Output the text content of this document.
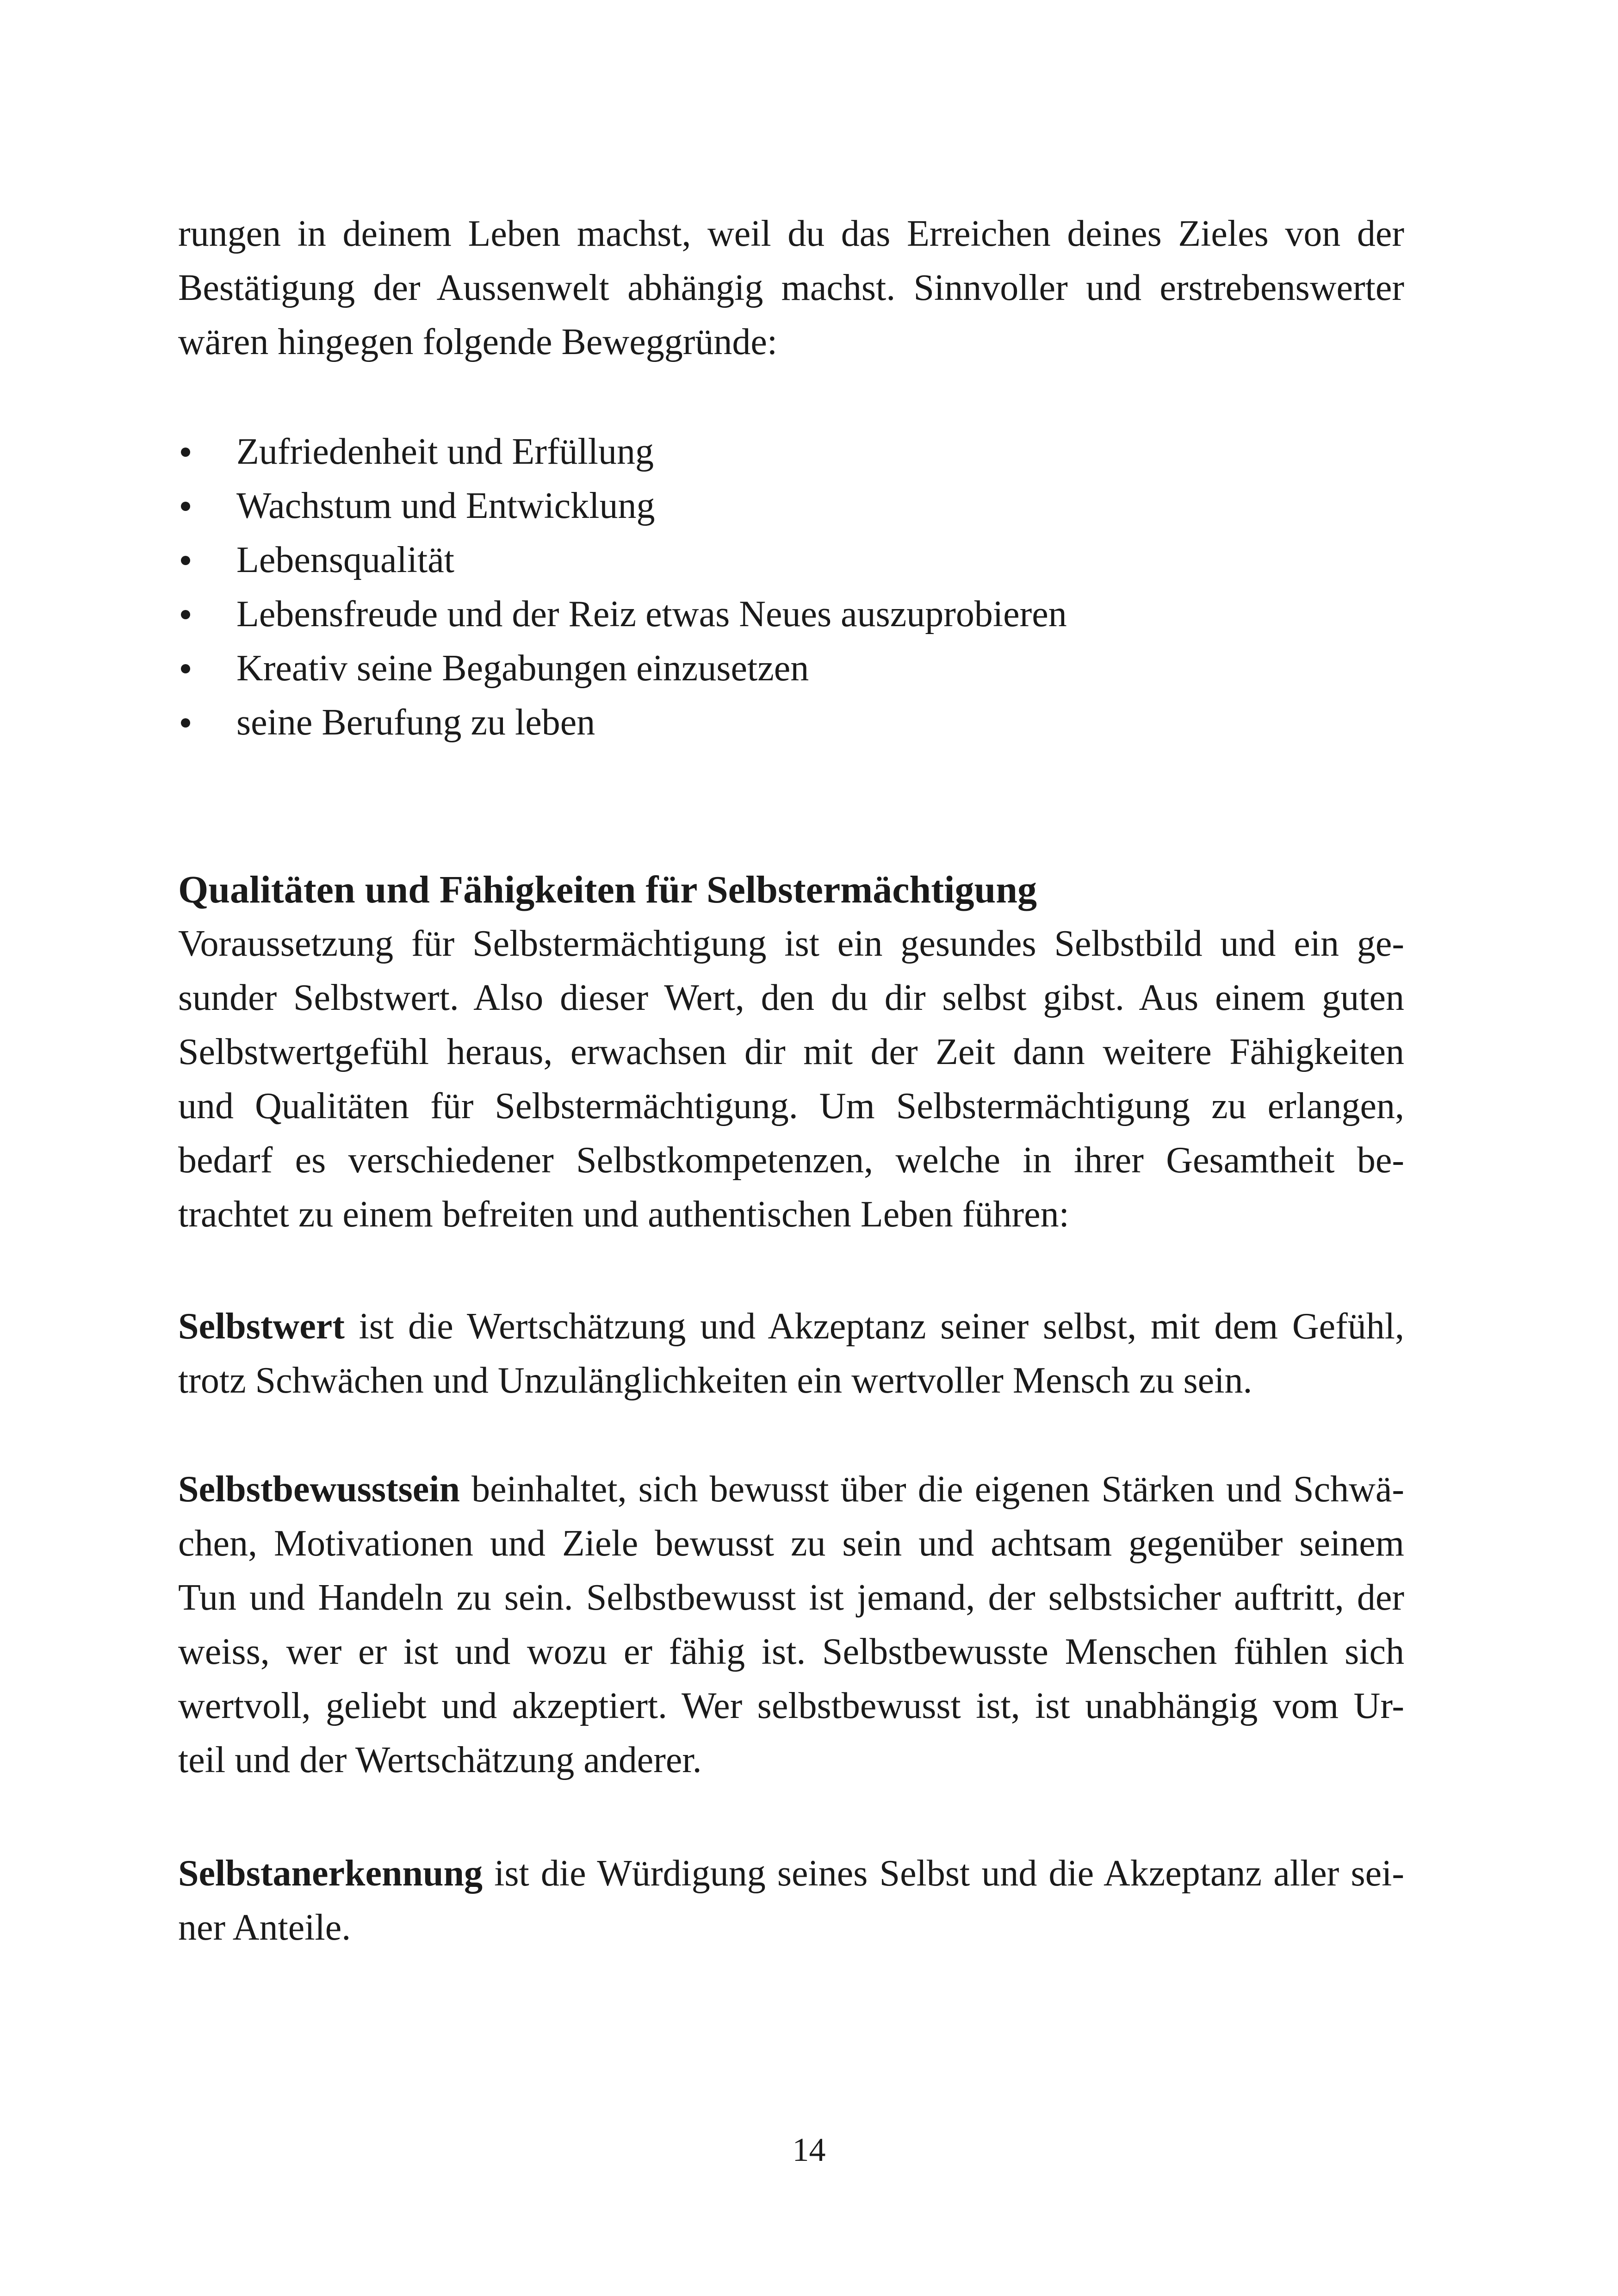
rungen in deinem Leben machst, weil du das Erreichen deines Zieles von der
Bestätigung der Aussenwelt abhängig machst. Sinnvoller und erstrebenswerter
wären hingegen folgende Beweggründe:
Zufriedenheit und Erfüllung
Wachstum und Entwicklung
Lebensqualität
Lebensfreude und der Reiz etwas Neues auszuprobieren
Kreativ seine Begabungen einzusetzen
seine Berufung zu leben
Qualitäten und Fähigkeiten für Selbstermächtigung
Voraussetzung für Selbstermächtigung ist ein gesundes Selbstbild und ein ge-
sunder Selbstwert. Also dieser Wert, den du dir selbst gibst. Aus einem guten
Selbstwertgefühl heraus, erwachsen dir mit der Zeit dann weitere Fähigkeiten
und Qualitäten für Selbstermächtigung. Um Selbstermächtigung zu erlangen,
bedarf es verschiedener Selbstkompetenzen, welche in ihrer Gesamtheit be-
trachtet zu einem befreiten und authentischen Leben führen:
Selbstwert ist die Wertschätzung und Akzeptanz seiner selbst, mit dem Gefühl,
trotz Schwächen und Unzulänglichkeiten ein wertvoller Mensch zu sein.
Selbstbewusstsein beinhaltet, sich bewusst über die eigenen Stärken und Schwä-
chen, Motivationen und Ziele bewusst zu sein und achtsam gegenüber seinem
Tun und Handeln zu sein. Selbstbewusst ist jemand, der selbstsicher auftritt, der
weiss, wer er ist und wozu er fähig ist. Selbstbewusste Menschen fühlen sich
wertvoll, geliebt und akzeptiert. Wer selbstbewusst ist, ist unabhängig vom Ur-
teil und der Wertschätzung anderer.
Selbstanerkennung ist die Würdigung seines Selbst und die Akzeptanz aller sei-
ner Anteile.
14
